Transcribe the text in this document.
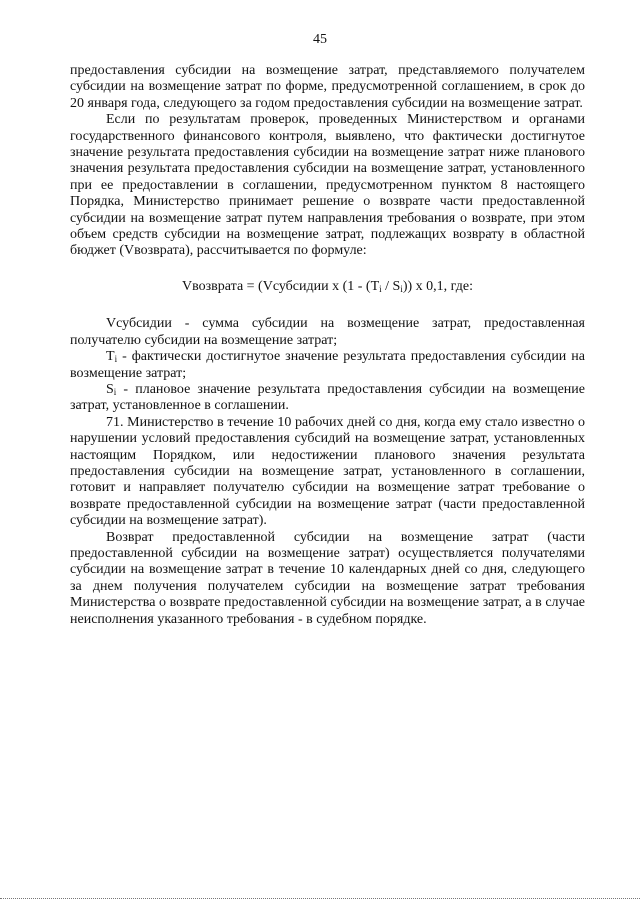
45

предоставления субсидии на возмещение затрат, представляемого получателем субсидии на возмещение затрат по форме, предусмотренной соглашением, в срок до 20 января года, следующего за годом предоставления субсидии на возмещение затрат.

Если по результатам проверок, проведенных Министерством и органами государственного финансового контроля, выявлено, что фактически достигнутое значение результата предоставления субсидии на возмещение затрат ниже планового значения результата предоставления субсидии на возмещение затрат, установленного при ее предоставлении в соглашении, предусмотренном пунктом 8 настоящего Порядка, Министерство принимает решение о возврате части предоставленной субсидии на возмещение затрат путем направления требования о возврате, при этом объем средств субсидии на возмещение затрат, подлежащих возврату в областной бюджет (Vвозврата), рассчитывается по формуле:

Vвозврата = (Vсубсидии х $(1 - (T_i / S_i))$ х 0,1, где:

Vсубсидии - сумма субсидии на возмещение затрат, предоставленная получателю субсидии на возмещение затрат;

$T_i$ - фактически достигнутое значение результата предоставления субсидии на возмещение затрат;

$S_i$ - плановое значение результата предоставления субсидии на возмещение затрат, установленное в соглашении.

71. Министерство в течение 10 рабочих дней со дня, когда ему стало известно о нарушении условий предоставления субсидий на возмещение затрат, установленных настоящим Порядком, или недостижении планового значения результата предоставления субсидии на возмещение затрат, установленного в соглашении, готовит и направляет получателю субсидии на возмещение затрат требование о возврате предоставленной субсидии на возмещение затрат (части предоставленной субсидии на возмещение затрат).

Возврат предоставленной субсидии на возмещение затрат (части предоставленной субсидии на возмещение затрат) осуществляется получателями субсидии на возмещение затрат в течение 10 календарных дней со дня, следующего за днем получения получателем субсидии на возмещение затрат требования Министерства о возврате предоставленной субсидии на возмещение затрат, а в случае неисполнения указанного требования - в судебном порядке.
